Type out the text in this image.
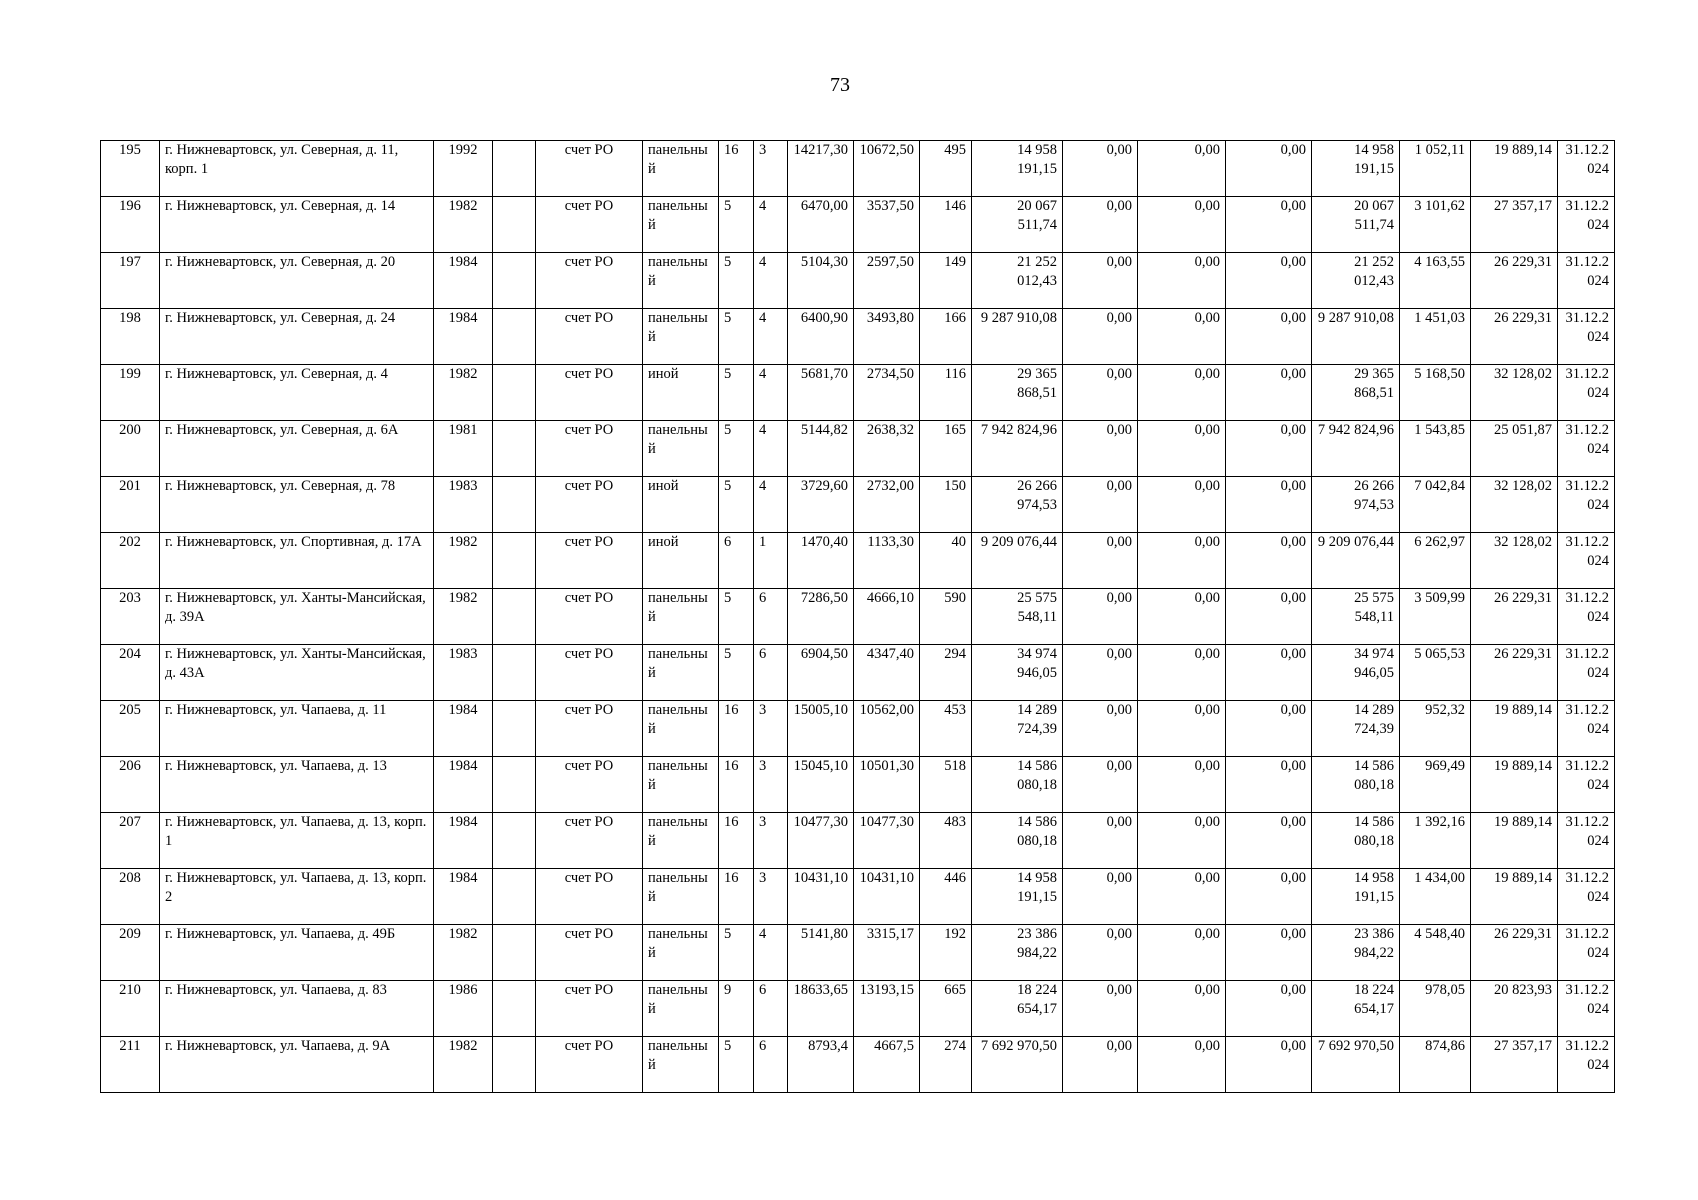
73
195	г. Нижневартовск, ул. Северная, д. 11, корп. 1	1992		счет РО	панельный	16	3	14217,30	10672,50	495	14 958 191,15	0,00	0,00	0,00	14 958 191,15	1 052,11	19 889,14	31.12.2024
196	г. Нижневартовск, ул. Северная, д. 14	1982		счет РО	панельный	5	4	6470,00	3537,50	146	20 067 511,74	0,00	0,00	0,00	20 067 511,74	3 101,62	27 357,17	31.12.2024
197	г. Нижневартовск, ул. Северная, д. 20	1984		счет РО	панельный	5	4	5104,30	2597,50	149	21 252 012,43	0,00	0,00	0,00	21 252 012,43	4 163,55	26 229,31	31.12.2024
198	г. Нижневартовск, ул. Северная, д. 24	1984		счет РО	панельный	5	4	6400,90	3493,80	166	9 287 910,08	0,00	0,00	0,00	9 287 910,08	1 451,03	26 229,31	31.12.2024
199	г. Нижневартовск, ул. Северная, д. 4	1982		счет РО	иной	5	4	5681,70	2734,50	116	29 365 868,51	0,00	0,00	0,00	29 365 868,51	5 168,50	32 128,02	31.12.2024
200	г. Нижневартовск, ул. Северная, д. 6А	1981		счет РО	панельный	5	4	5144,82	2638,32	165	7 942 824,96	0,00	0,00	0,00	7 942 824,96	1 543,85	25 051,87	31.12.2024
201	г. Нижневартовск, ул. Северная, д. 78	1983		счет РО	иной	5	4	3729,60	2732,00	150	26 266 974,53	0,00	0,00	0,00	26 266 974,53	7 042,84	32 128,02	31.12.2024
202	г. Нижневартовск, ул. Спортивная, д. 17А	1982		счет РО	иной	6	1	1470,40	1133,30	40	9 209 076,44	0,00	0,00	0,00	9 209 076,44	6 262,97	32 128,02	31.12.2024
203	г. Нижневартовск, ул. Ханты-Мансийская, д. 39А	1982		счет РО	панельный	5	6	7286,50	4666,10	590	25 575 548,11	0,00	0,00	0,00	25 575 548,11	3 509,99	26 229,31	31.12.2024
204	г. Нижневартовск, ул. Ханты-Мансийская, д. 43А	1983		счет РО	панельный	5	6	6904,50	4347,40	294	34 974 946,05	0,00	0,00	0,00	34 974 946,05	5 065,53	26 229,31	31.12.2024
205	г. Нижневартовск, ул. Чапаева, д. 11	1984		счет РО	панельный	16	3	15005,10	10562,00	453	14 289 724,39	0,00	0,00	0,00	14 289 724,39	952,32	19 889,14	31.12.2024
206	г. Нижневартовск, ул. Чапаева, д. 13	1984		счет РО	панельный	16	3	15045,10	10501,30	518	14 586 080,18	0,00	0,00	0,00	14 586 080,18	969,49	19 889,14	31.12.2024
207	г. Нижневартовск, ул. Чапаева, д. 13, корп. 1	1984		счет РО	панельный	16	3	10477,30	10477,30	483	14 586 080,18	0,00	0,00	0,00	14 586 080,18	1 392,16	19 889,14	31.12.2024
208	г. Нижневартовск, ул. Чапаева, д. 13, корп. 2	1984		счет РО	панельный	16	3	10431,10	10431,10	446	14 958 191,15	0,00	0,00	0,00	14 958 191,15	1 434,00	19 889,14	31.12.2024
209	г. Нижневартовск, ул. Чапаева, д. 49Б	1982		счет РО	панельный	5	4	5141,80	3315,17	192	23 386 984,22	0,00	0,00	0,00	23 386 984,22	4 548,40	26 229,31	31.12.2024
210	г. Нижневартовск, ул. Чапаева, д. 83	1986		счет РО	панельный	9	6	18633,65	13193,15	665	18 224 654,17	0,00	0,00	0,00	18 224 654,17	978,05	20 823,93	31.12.2024
211	г. Нижневартовск, ул. Чапаева, д. 9А	1982		счет РО	панельный	5	6	8793,4	4667,5	274	7 692 970,50	0,00	0,00	0,00	7 692 970,50	874,86	27 357,17	31.12.2024
